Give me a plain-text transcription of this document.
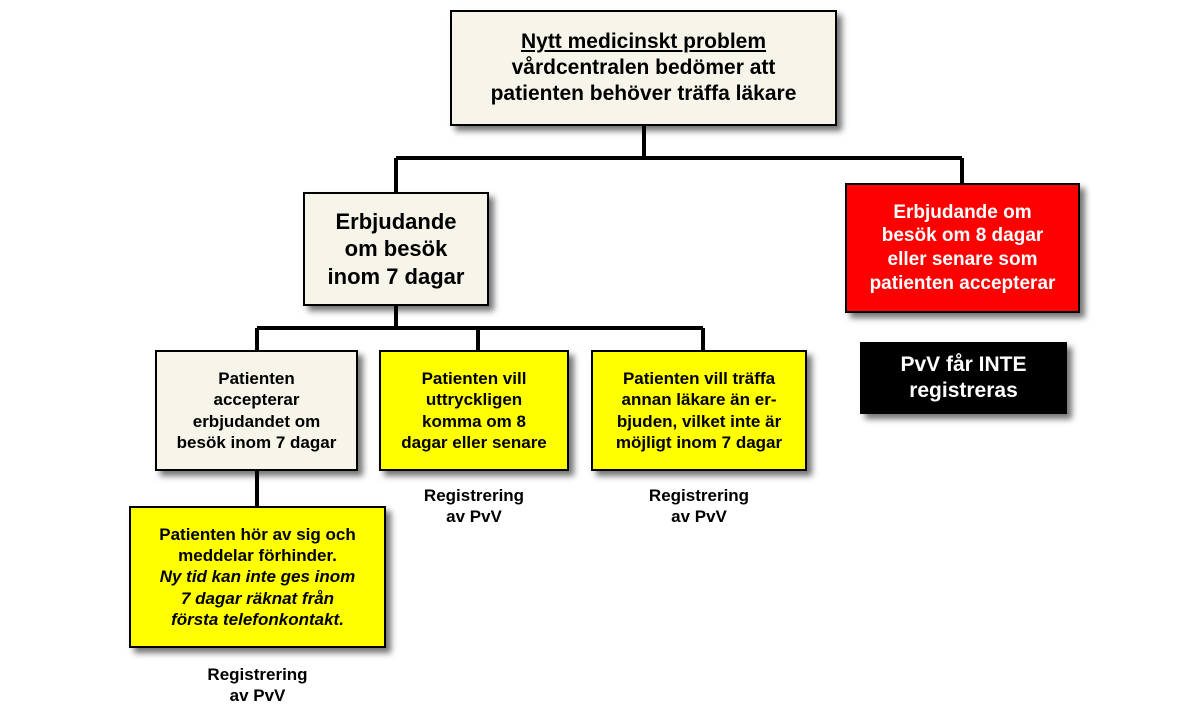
Nytt medicinskt problem
vårdcentralen bedömer att
patienten behöver träffa läkare
Erbjudande
om besök
inom 7 dagar
Erbjudande om
besök om 8 dagar
eller senare som
patienten accepterar
PvV får INTE
registreras
Patienten
accepterar
erbjudandet om
besök inom 7 dagar
Patienten vill
uttryckligen
komma om 8
dagar eller senare
Patienten vill träffa
annan läkare än er-
bjuden, vilket inte är
möjligt inom 7 dagar
Registrering
av PvV
Registrering
av PvV
Patienten hör av sig och
meddelar förhinder.
Ny tid kan inte ges inom
7 dagar räknat från
första telefonkontakt.
Registrering
av PvV
